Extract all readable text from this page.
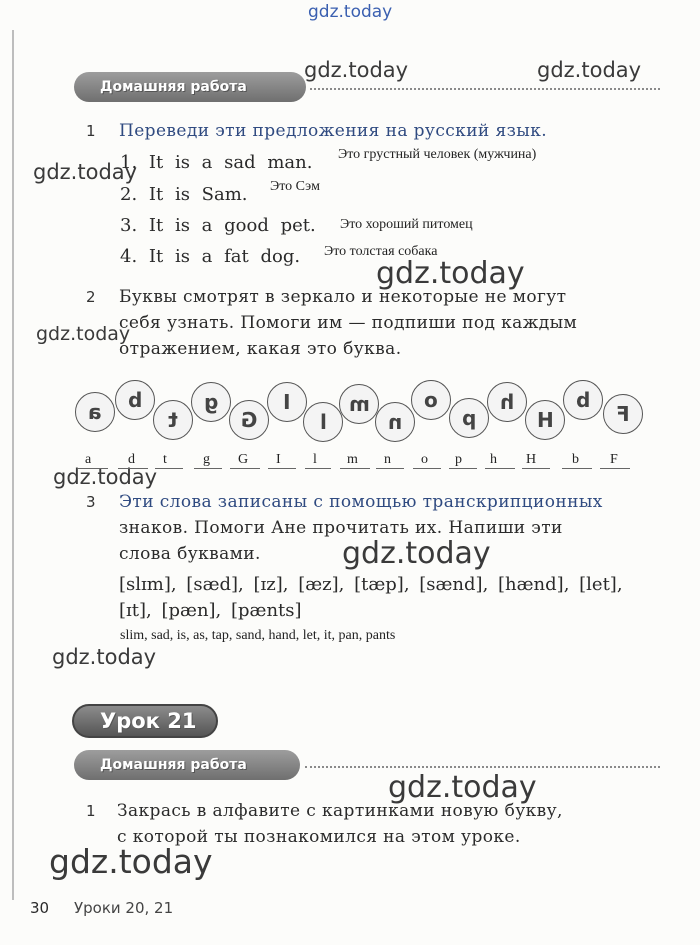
gdz.today
gdz.today	gdz.today
gdz.today
gdz.today
gdz.today
gdz.today
gdz.today
gdz.today
gdz.today
gdz.today
Домашняя работа
1 Переведи эти предложения на русский язык.
1. It is a sad man. Это грустный человек (мужчина)
2. It is Sam. Это Сэм
3. It is a good pet. Это хороший питомец
4. It is a fat dog. Это толстая собака
2 Буквы смотрят в зеркало и некоторые не могут
себя узнать. Помоги им — подпиши под каждым
отражением, какая это буква.
a b
t
g
G
I
l
m
n
o
p
h
H
b
F
a	d t	g G I l m n o p h H	b F
3 Эти слова записаны с помощью транскрипционных
знаков. Помоги Ане прочитать их. Напиши эти
слова буквами.
[slɪm], [sæd], [ɪz], [æz], [tæp], [sænd], [hænd], [let],
[ɪt], [pæn], [pænts]
slim, sad, is, as, tap, sand, hand, let, it, pan, pants
Урок 21
Домашняя работа
1 Закрась в алфавите с картинками новую букву,
с которой ты познакомился на этом уроке.
30 Уроки 20, 21
